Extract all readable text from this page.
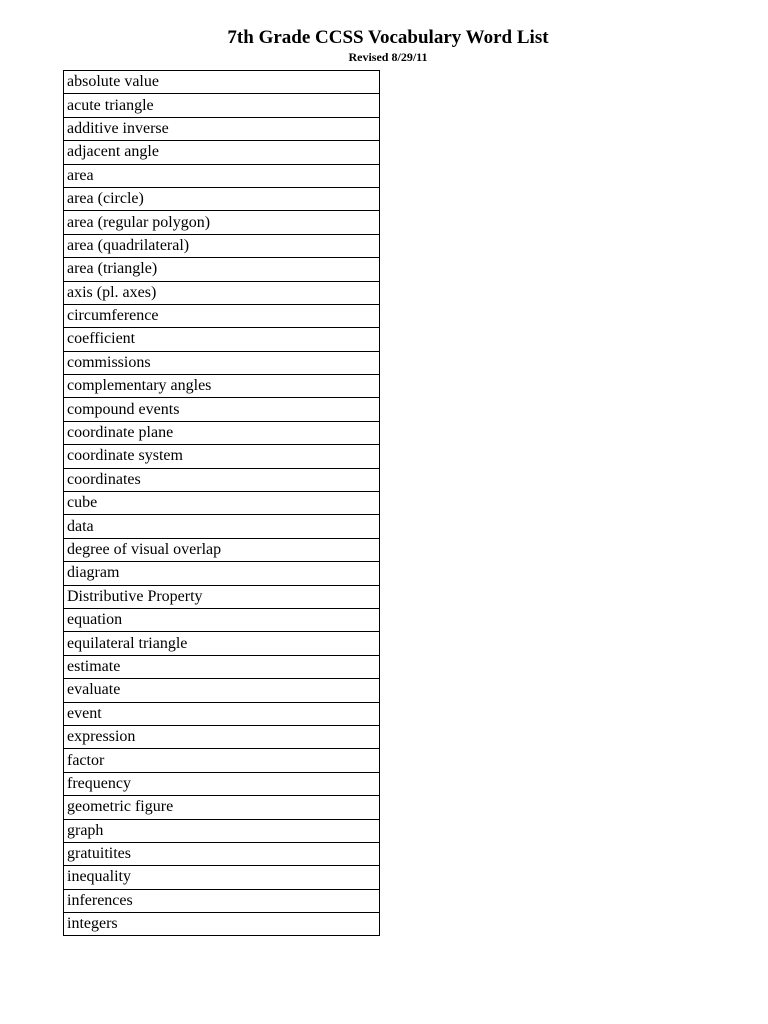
7th Grade CCSS Vocabulary Word List
Revised 8/29/11
absolute value
acute triangle
additive inverse
adjacent angle
area
area (circle)
area (regular polygon)
area (quadrilateral)
area (triangle)
axis (pl. axes)
circumference
coefficient
commissions
complementary angles
compound events
coordinate plane
coordinate system
coordinates
cube
data
degree of visual overlap
diagram
Distributive Property
equation
equilateral triangle
estimate
evaluate
event
expression
factor
frequency
geometric figure
graph
gratuitites
inequality
inferences
integers
